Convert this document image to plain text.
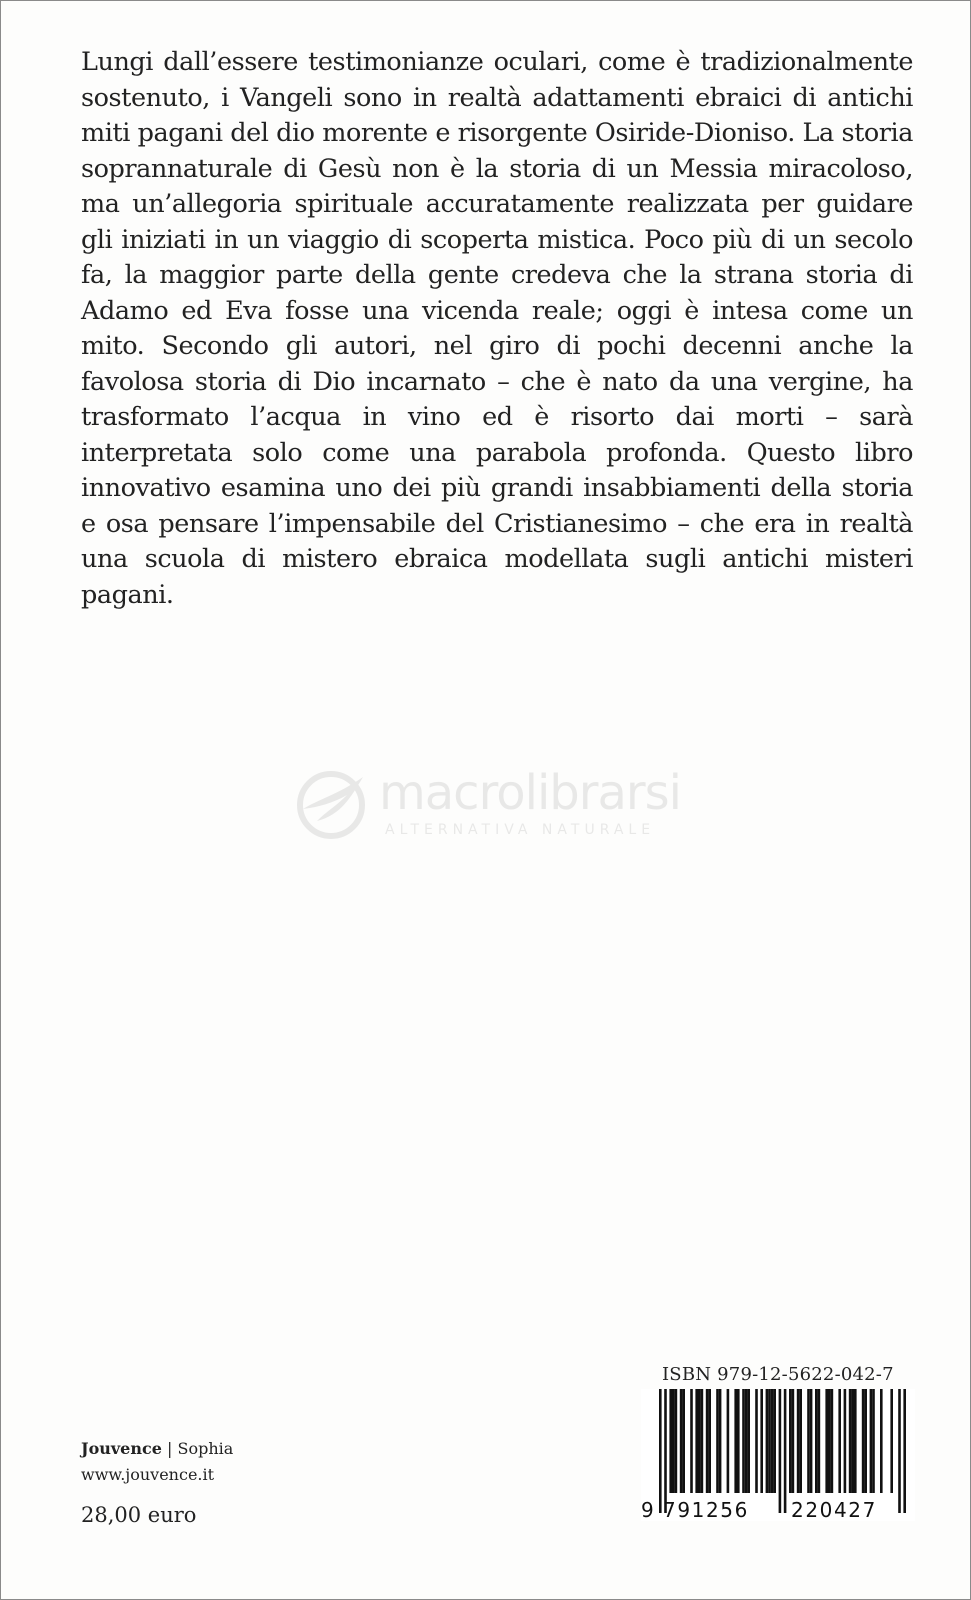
Lungi dall’essere testimonianze oculari, come è tradizionalmente sostenuto, i Vangeli sono in realtà adattamenti ebraici di antichi miti pagani del dio morente e risorgente Osiride-Dioniso. La storia soprannaturale di Gesù non è la storia di un Messia miracoloso, ma un’allegoria spirituale accuratamente realizzata per guidare gli iniziati in un viaggio di scoperta mistica. Poco più di un secolo fa, la maggior parte della gente credeva che la strana storia di Adamo ed Eva fosse una vicenda reale; oggi è intesa come un mito. Secondo gli autori, nel giro di pochi decenni anche la favolosa storia di Dio incarnato – che è nato da una vergine, ha trasformato l’acqua in vino ed è risorto dai morti – sarà interpretata solo come una parabola profonda. Questo libro innovativo esamina uno dei più grandi insabbiamenti della storia e osa pensare l’impensabile del Cristianesimo – che era in realtà una scuola di mistero ebraica modellata sugli antichi misteri pagani.

macrolibrarsi
ALTERNATIVA NATURALE
Jouvence | Sophia
www.jouvence.it
28,00 euro
ISBN 979-12-5622-042-7
9 791256 220427
